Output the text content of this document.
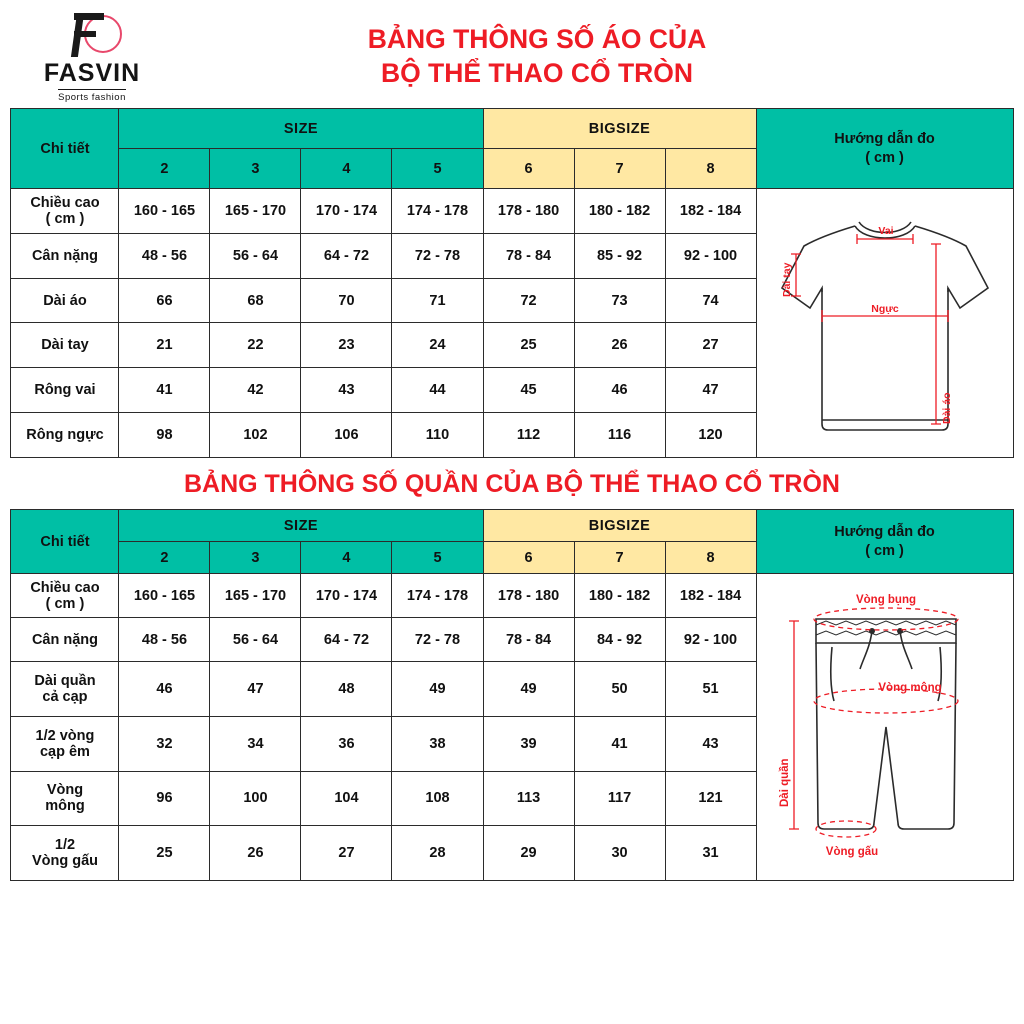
FASVIN
Sports fashion
BẢNG THÔNG SỐ ÁO CỦA
BỘ THỂ THAO CỔ TRÒN
Chi tiết	SIZE				BIGSIZE			Hướng dẫn đo
( cm )

	2	3	4	5	6	7	8	

Chiều cao
( cm )	160 - 165	165 - 170	170 - 174	174 - 178	178 - 180	180 - 182	182 - 184	
Vai
Ngực
Dài tay
Dài áo

Cân nặng	48 - 56	56 - 64	64 - 72	72 - 78	78 - 84	85 - 92	92 - 100	
Dài áo	66	68	70	71	72	73	74	
Dài tay	21	22	23	24	25	26	27	
Rông vai	41	42	43	44	45	46	47	
Rông ngực	98	102	106	110	112	116	120	
BẢNG THÔNG SỐ QUẦN CỦA BỘ THỂ THAO CỔ TRÒN
Chi tiết	SIZE				BIGSIZE			Hướng dẫn đo
( cm )

	2	3	4	5	6	7	8	

Chiều cao
( cm )	160 - 165	165 - 170	170 - 174	174 - 178	178 - 180	180 - 182	182 - 184	Vòng bụng
Vòng mông
Dài quần
Vòng gấu

Cân nặng	48 - 56	56 - 64	64 - 72	72 - 78	78 - 84	84 - 92	92 - 100	

Dài quần
cả cạp	46	47	48	49	49	50	51	

1/2 vòng
cạp êm	32	34	36	38	39	41	43	

Vòng
mông	96	100	104	108	113	117	121	

1/2
Vòng gấu	25	26	27	28	29	30	31	
